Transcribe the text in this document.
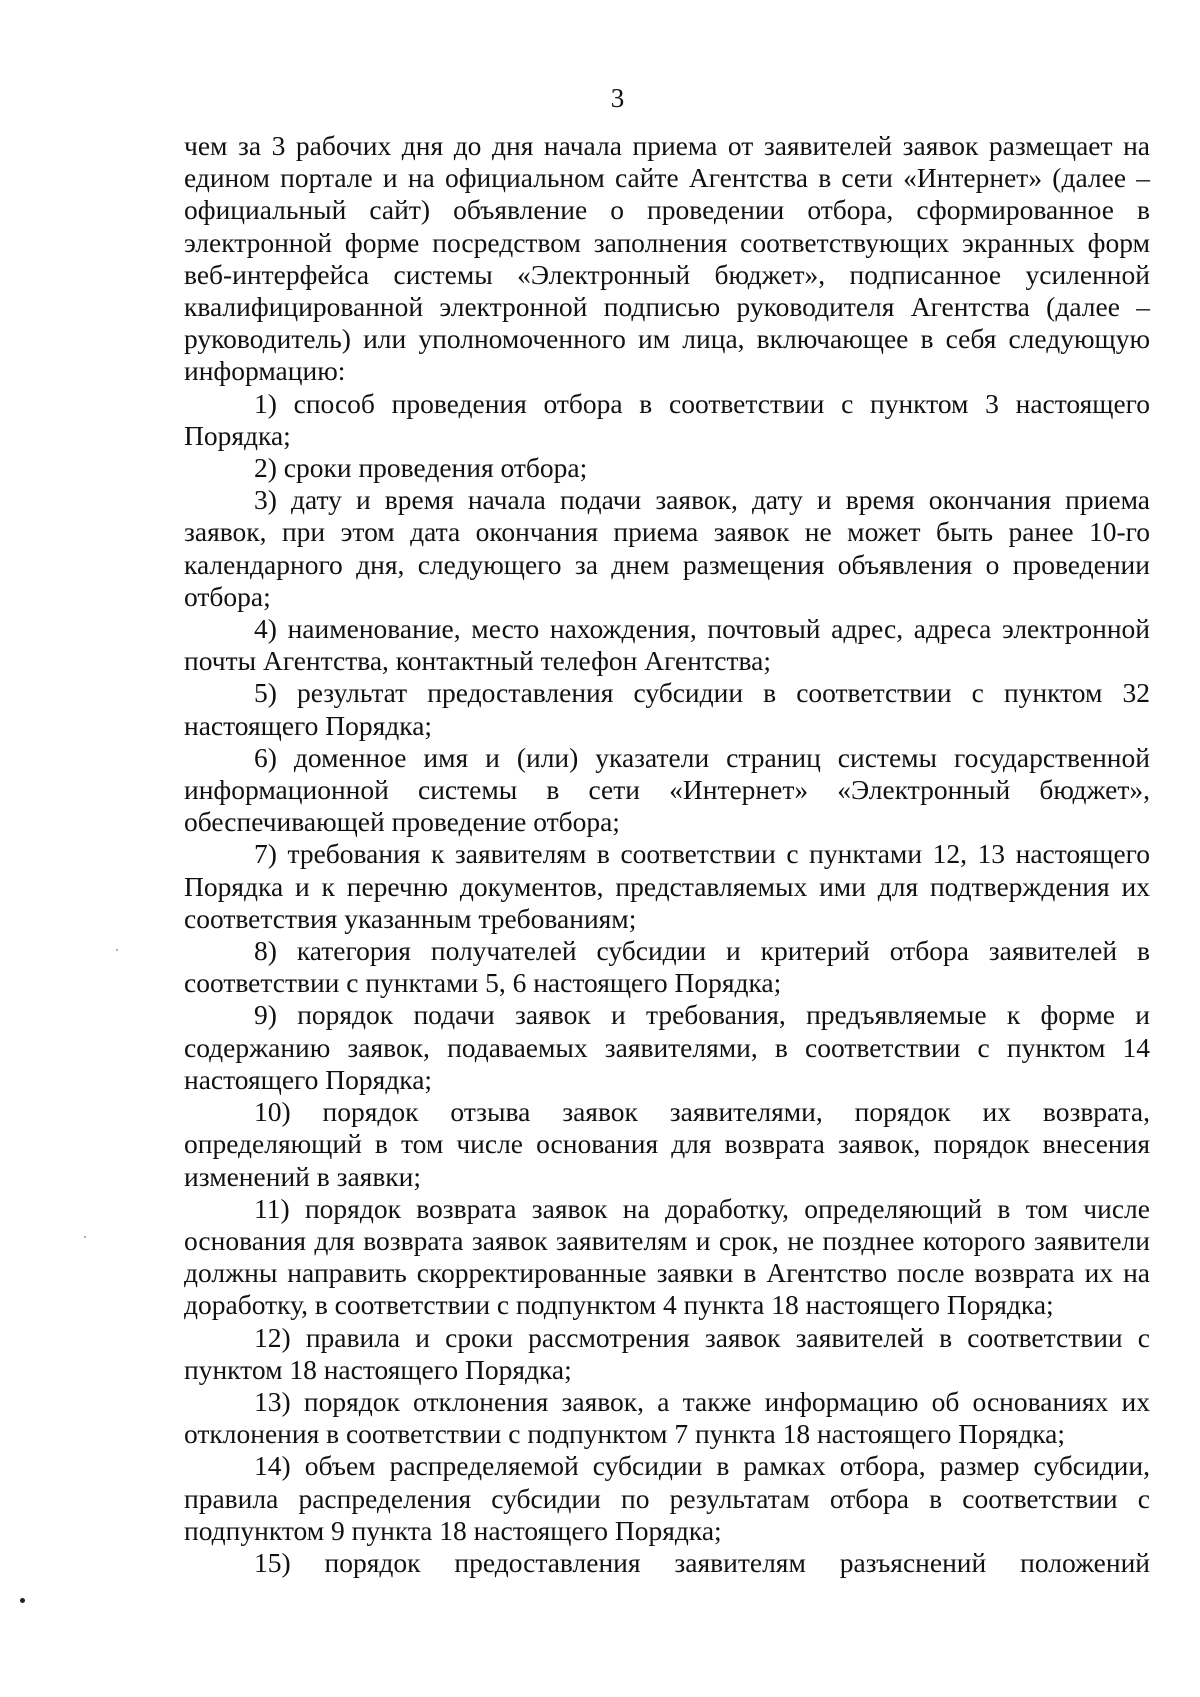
3

чем за 3 рабочих дня до дня начала приема от заявителей заявок размещает на едином портале и на официальном сайте Агентства в сети «Интернет» (далее – официальный сайт) объявление о проведении отбора, сформированное в электронной форме посредством заполнения соответствующих экранных форм веб-интерфейса системы «Электронный бюджет», подписанное усиленной квалифицированной электронной подписью руководителя Агентства (далее – руководитель) или уполномоченного им лица, включающее в себя следующую информацию:

1) способ проведения отбора в соответствии с пунктом 3 настоящего Порядка;

2) сроки проведения отбора;

3) дату и время начала подачи заявок, дату и время окончания приема заявок, при этом дата окончания приема заявок не может быть ранее 10-го календарного дня, следующего за днем размещения объявления о проведении отбора;

4) наименование, место нахождения, почтовый адрес, адреса электронной почты Агентства, контактный телефон Агентства;

5) результат предоставления субсидии в соответствии с пунктом 32 настоящего Порядка;

6) доменное имя и (или) указатели страниц системы государственной информационной системы в сети «Интернет» «Электронный бюджет», обеспечивающей проведение отбора;

7) требования к заявителям в соответствии с пунктами 12, 13 настоящего Порядка и к перечню документов, представляемых ими для подтверждения их соответствия указанным требованиям;

8) категория получателей субсидии и критерий отбора заявителей в соответствии с пунктами 5, 6 настоящего Порядка;

9) порядок подачи заявок и требования, предъявляемые к форме и содержанию заявок, подаваемых заявителями, в соответствии с пунктом 14 настоящего Порядка;

10) порядок отзыва заявок заявителями, порядок их возврата, определяющий в том числе основания для возврата заявок, порядок внесения изменений в заявки;

11) порядок возврата заявок на доработку, определяющий в том числе основания для возврата заявок заявителям и срок, не позднее которого заявители должны направить скорректированные заявки в Агентство после возврата их на доработку, в соответствии с подпунктом 4 пункта 18 настоящего Порядка;

12) правила и сроки рассмотрения заявок заявителей в соответствии с пунктом 18 настоящего Порядка;

13) порядок отклонения заявок, а также информацию об основаниях их отклонения в соответствии с подпунктом 7 пункта 18 настоящего Порядка;

14) объем распределяемой субсидии в рамках отбора, размер субсидии, правила распределения субсидии по результатам отбора в соответствии с подпунктом 9 пункта 18 настоящего Порядка;

15) порядок предоставления заявителям разъяснений положений
